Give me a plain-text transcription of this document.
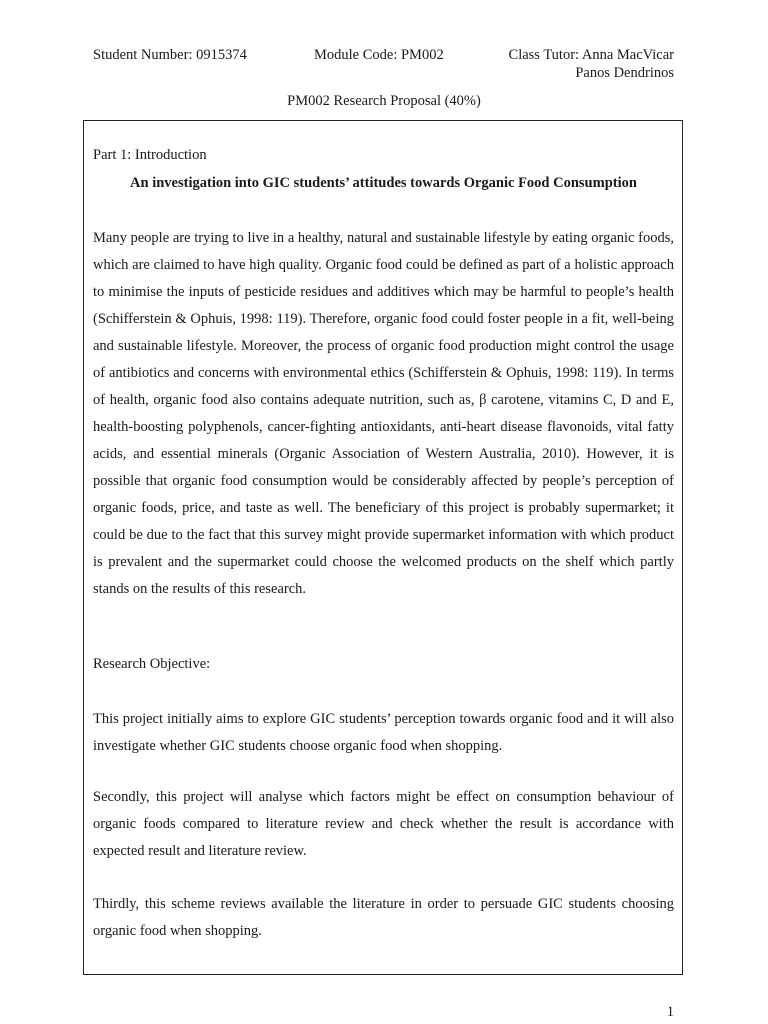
Student Number: 0915374	Module Code: PM002	Class Tutor: Anna MacVicar
Panos Dendrinos
PM002 Research Proposal (40%)
Part 1: Introduction
An investigation into GIC students’ attitudes towards Organic Food Consumption
Many people are trying to live in a healthy, natural and sustainable lifestyle by eating organic foods, which are claimed to have high quality. Organic food could be defined as part of a holistic approach to minimise the inputs of pesticide residues and additives which may be harmful to people’s health (Schifferstein & Ophuis, 1998: 119). Therefore, organic food could foster people in a fit, well-being and sustainable lifestyle. Moreover, the process of organic food production might control the usage of antibiotics and concerns with environmental ethics (Schifferstein & Ophuis, 1998: 119). In terms of health, organic food also contains adequate nutrition, such as, β carotene, vitamins C, D and E, health-boosting polyphenols, cancer-fighting antioxidants, anti-heart disease flavonoids, vital fatty acids, and essential minerals (Organic Association of Western Australia, 2010). However, it is possible that organic food consumption would be considerably affected by people’s perception of organic foods, price, and taste as well. The beneficiary of this project is probably supermarket; it could be due to the fact that this survey might provide supermarket information with which product is prevalent and the supermarket could choose the welcomed products on the shelf which partly stands on the results of this research.
Research Objective:
This project initially aims to explore GIC students’ perception towards organic food and it will also investigate whether GIC students choose organic food when shopping.
Secondly, this project will analyse which factors might be effect on consumption behaviour of organic foods compared to literature review and check whether the result is accordance with expected result and literature review.
Thirdly, this scheme reviews available the literature in order to persuade GIC students choosing organic food when shopping.
1
